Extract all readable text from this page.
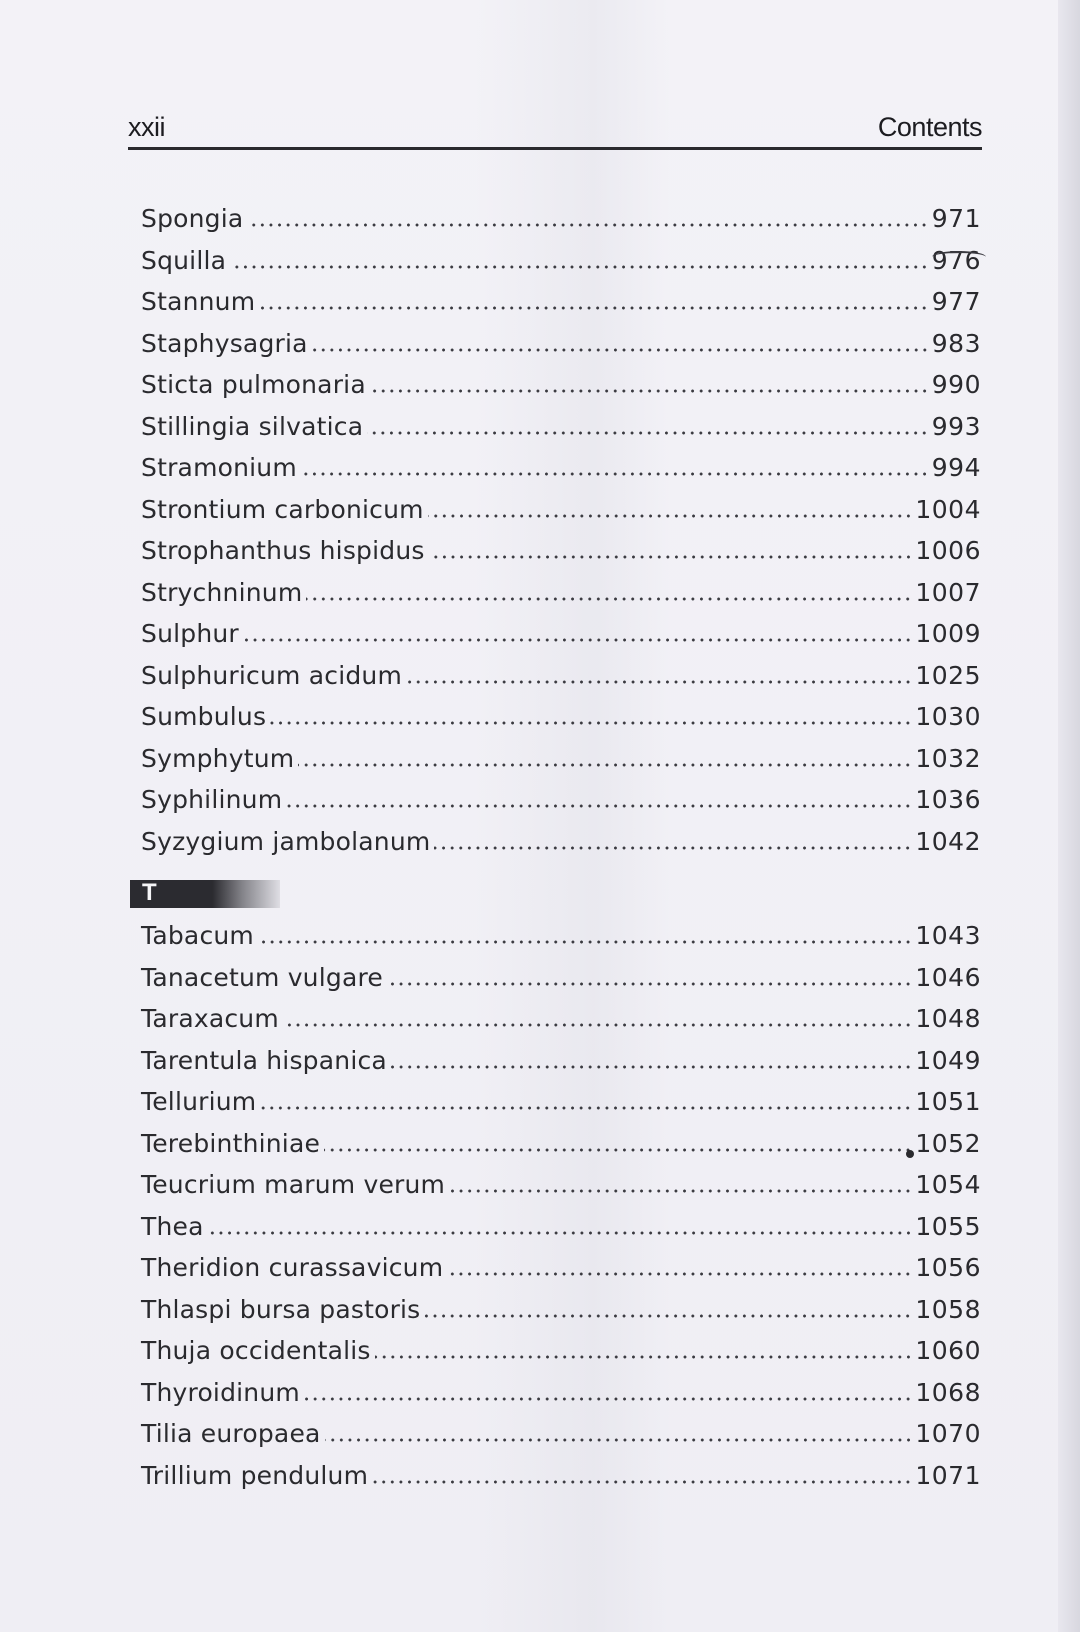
xxii	Contents
Spongia	971
Squilla	976
Stannum	977
Staphysagria	983
Sticta pulmonaria	990
Stillingia silvatica	993
Stramonium	994
Strontium carbonicum	1004
Strophanthus hispidus	1006
Strychninum	1007
Sulphur	1009
Sulphuricum acidum	1025
Sumbulus	1030
Symphytum	1032
Syphilinum	1036
Syzygium jambolanum	1042
T
Tabacum	1043
Tanacetum vulgare	1046
Taraxacum	1048
Tarentula hispanica	1049
Tellurium	1051
Terebinthiniae	1052
Teucrium marum verum	1054
Thea	1055
Theridion curassavicum	1056
Thlaspi bursa pastoris	1058
Thuja occidentalis	1060
Thyroidinum	1068
Tilia europaea	1070
Trillium pendulum	1071
